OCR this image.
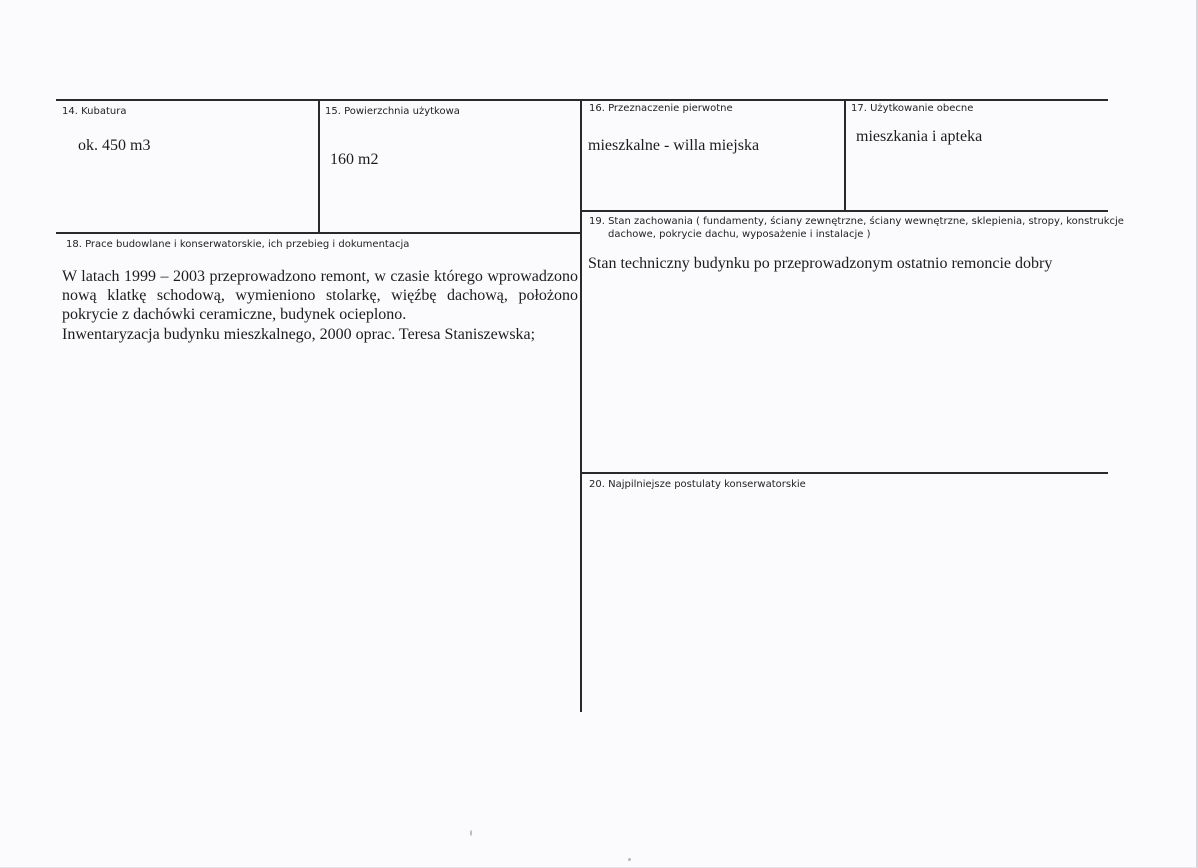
14. Kubatura
ok. 450 m3
15. Powierzchnia użytkowa
160 m2
16. Przeznaczenie pierwotne
mieszkalne - willa miejska
17. Użytkowanie obecne
mieszkania i apteka
18. Prace budowlane i konserwatorskie, ich przebieg i dokumentacja
W latach 1999 – 2003 przeprowadzono remont, w czasie którego wprowadzono nową klatkę schodową, wymieniono stolarkę, więźbę dachową, położono pokrycie z dachówki ceramiczne, budynek ocieplono.
Inwentaryzacja budynku mieszkalnego, 2000 oprac. Teresa Staniszewska;
19. Stan zachowania ( fundamenty, ściany zewnętrzne, ściany wewnętrzne, sklepienia, stropy, konstrukcje
dachowe, pokrycie dachu, wyposażenie i instalacje )
Stan techniczny budynku po przeprowadzonym ostatnio remoncie dobry
20. Najpilniejsze postulaty konserwatorskie
